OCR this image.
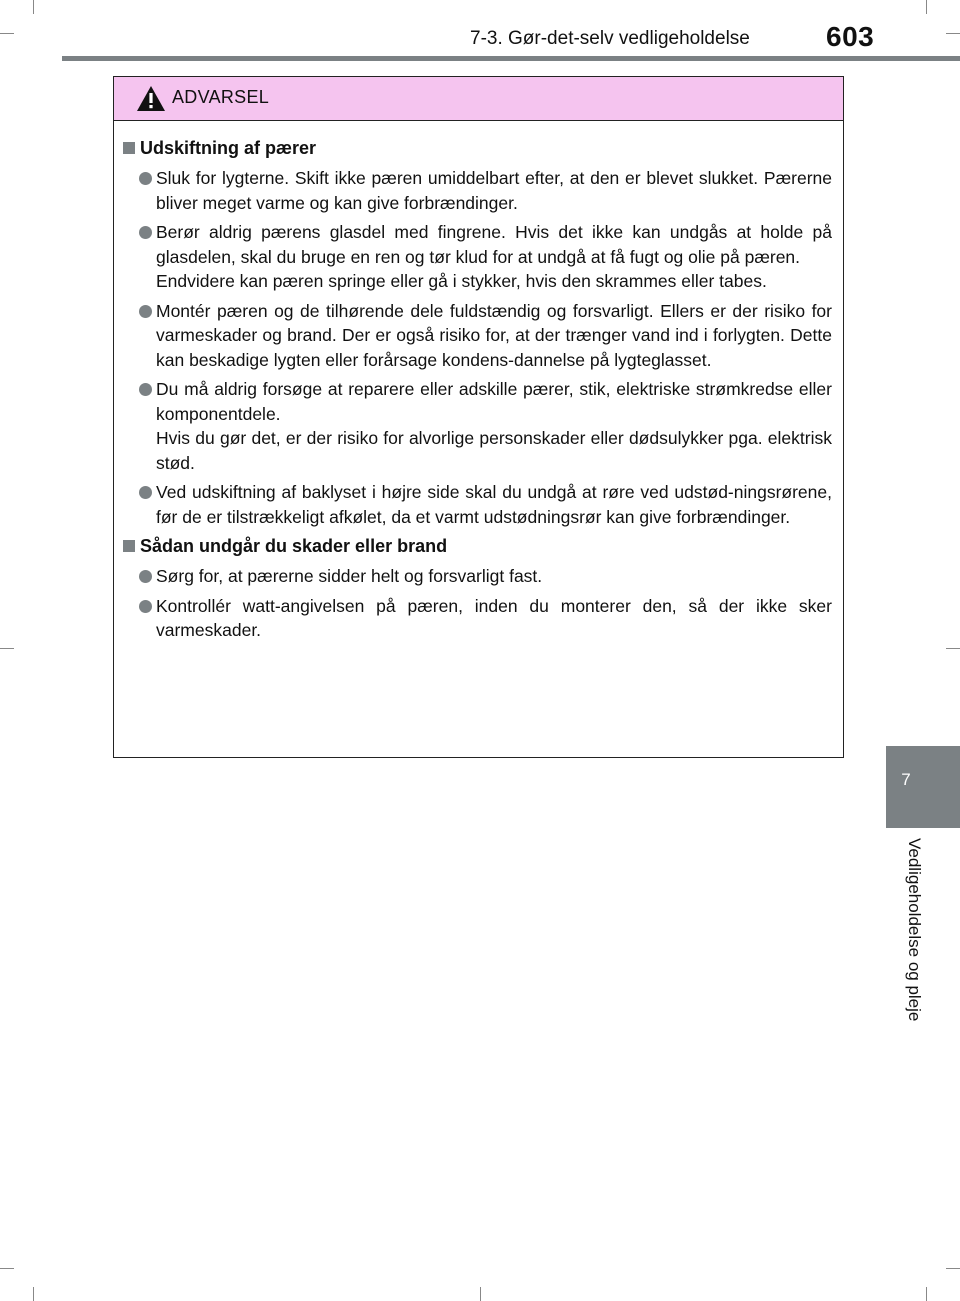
7-3. Gør-det-selv vedligeholdelse	603
7
Vedligeholdelse og pleje
ADVARSEL
Udskiftning af pærer
Sluk for lygterne. Skift ikke pæren umiddelbart efter, at den er blevet slukket. Pærerne bliver meget varme og kan give forbrændinger.
Berør aldrig pærens glasdel med fingrene. Hvis det ikke kan undgås at holde på glasdelen, skal du bruge en ren og tør klud for at undgå at få fugt og olie på pæren.
Endvidere kan pæren springe eller gå i stykker, hvis den skrammes eller tabes.
Montér pæren og de tilhørende dele fuldstændig og forsvarligt. Ellers er der risiko for varmeskader og brand. Der er også risiko for, at der trænger vand ind i forlygten. Dette kan beskadige lygten eller forårsage kondens-dannelse på lygteglasset.
Du må aldrig forsøge at reparere eller adskille pærer, stik, elektriske strømkredse eller komponentdele.
Hvis du gør det, er der risiko for alvorlige personskader eller dødsulykker pga. elektrisk stød.
Ved udskiftning af baklyset i højre side skal du undgå at røre ved udstød-ningsrørene, før de er tilstrækkeligt afkølet, da et varmt udstødningsrør kan give forbrændinger.
Sådan undgår du skader eller brand
Sørg for, at pærerne sidder helt og forsvarligt fast.
Kontrollér watt-angivelsen på pæren, inden du monterer den, så der ikke sker varmeskader.
